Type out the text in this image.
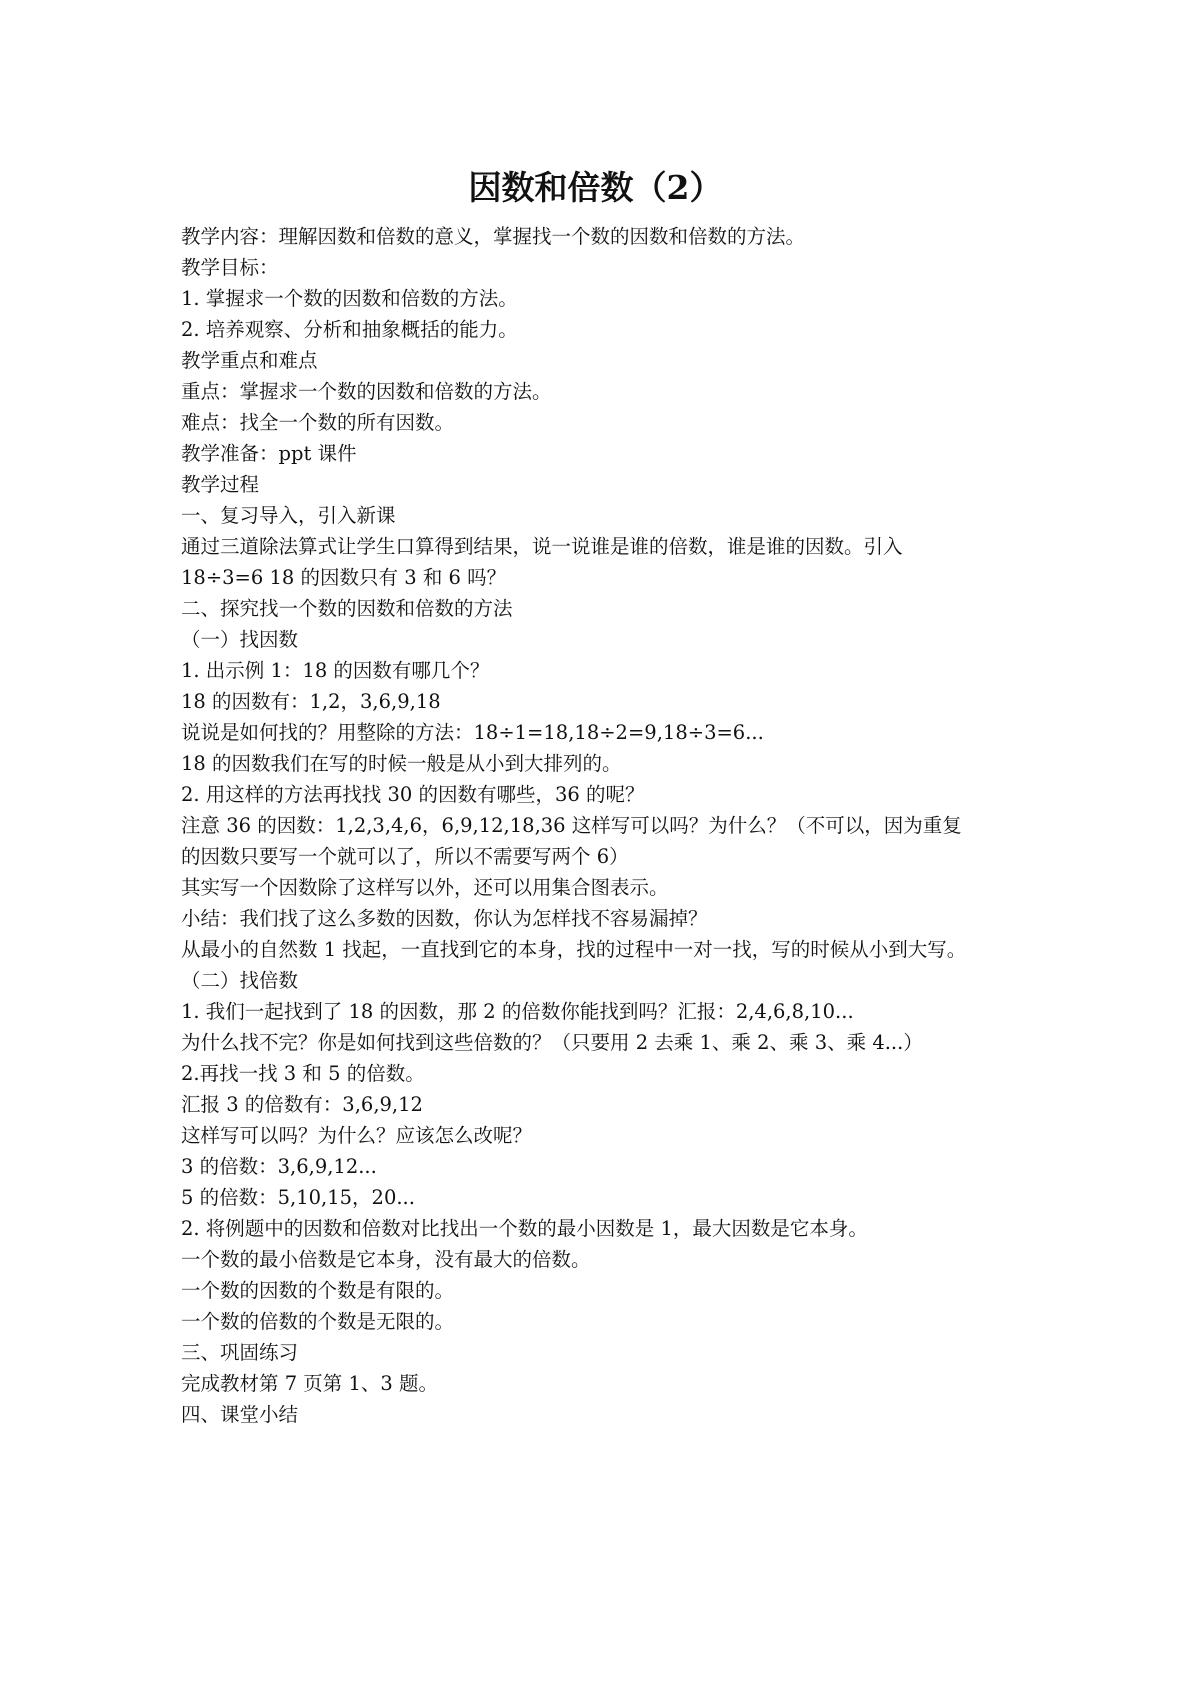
因数和倍数（2）
教学内容：理解因数和倍数的意义，掌握找一个数的因数和倍数的方法。
教学目标：
1. 掌握求一个数的因数和倍数的方法。
2. 培养观察、分析和抽象概括的能力。
教学重点和难点
重点：掌握求一个数的因数和倍数的方法。
难点：找全一个数的所有因数。
教学准备：ppt 课件
教学过程
一、复习导入，引入新课
通过三道除法算式让学生口算得到结果，说一说谁是谁的倍数，谁是谁的因数。引入
18÷3=6 18 的因数只有 3 和 6 吗？
二、探究找一个数的因数和倍数的方法
（一）找因数
1. 出示例 1：18 的因数有哪几个？
18 的因数有：1,2，3,6,9,18
说说是如何找的？用整除的方法：18÷1=18,18÷2=9,18÷3=6...
18 的因数我们在写的时候一般是从小到大排列的。
2. 用这样的方法再找找 30 的因数有哪些，36 的呢？
注意 36 的因数：1,2,3,4,6，6,9,12,18,36 这样写可以吗？为什么？（不可以，因为重复
的因数只要写一个就可以了，所以不需要写两个 6）
其实写一个因数除了这样写以外，还可以用集合图表示。
小结：我们找了这么多数的因数，你认为怎样找不容易漏掉？
从最小的自然数 1 找起，一直找到它的本身，找的过程中一对一找，写的时候从小到大写。
（二）找倍数
1. 我们一起找到了 18 的因数，那 2 的倍数你能找到吗？汇报：2,4,6,8,10...
为什么找不完？你是如何找到这些倍数的？（只要用 2 去乘 1、乘 2、乘 3、乘 4...）
2.再找一找 3 和 5 的倍数。
汇报 3 的倍数有：3,6,9,12
这样写可以吗？为什么？应该怎么改呢？
3 的倍数：3,6,9,12...
5 的倍数：5,10,15，20...
2. 将例题中的因数和倍数对比找出一个数的最小因数是 1，最大因数是它本身。
一个数的最小倍数是它本身，没有最大的倍数。
一个数的因数的个数是有限的。
一个数的倍数的个数是无限的。
三、巩固练习
完成教材第 7 页第 1、3 题。
四、课堂小结
